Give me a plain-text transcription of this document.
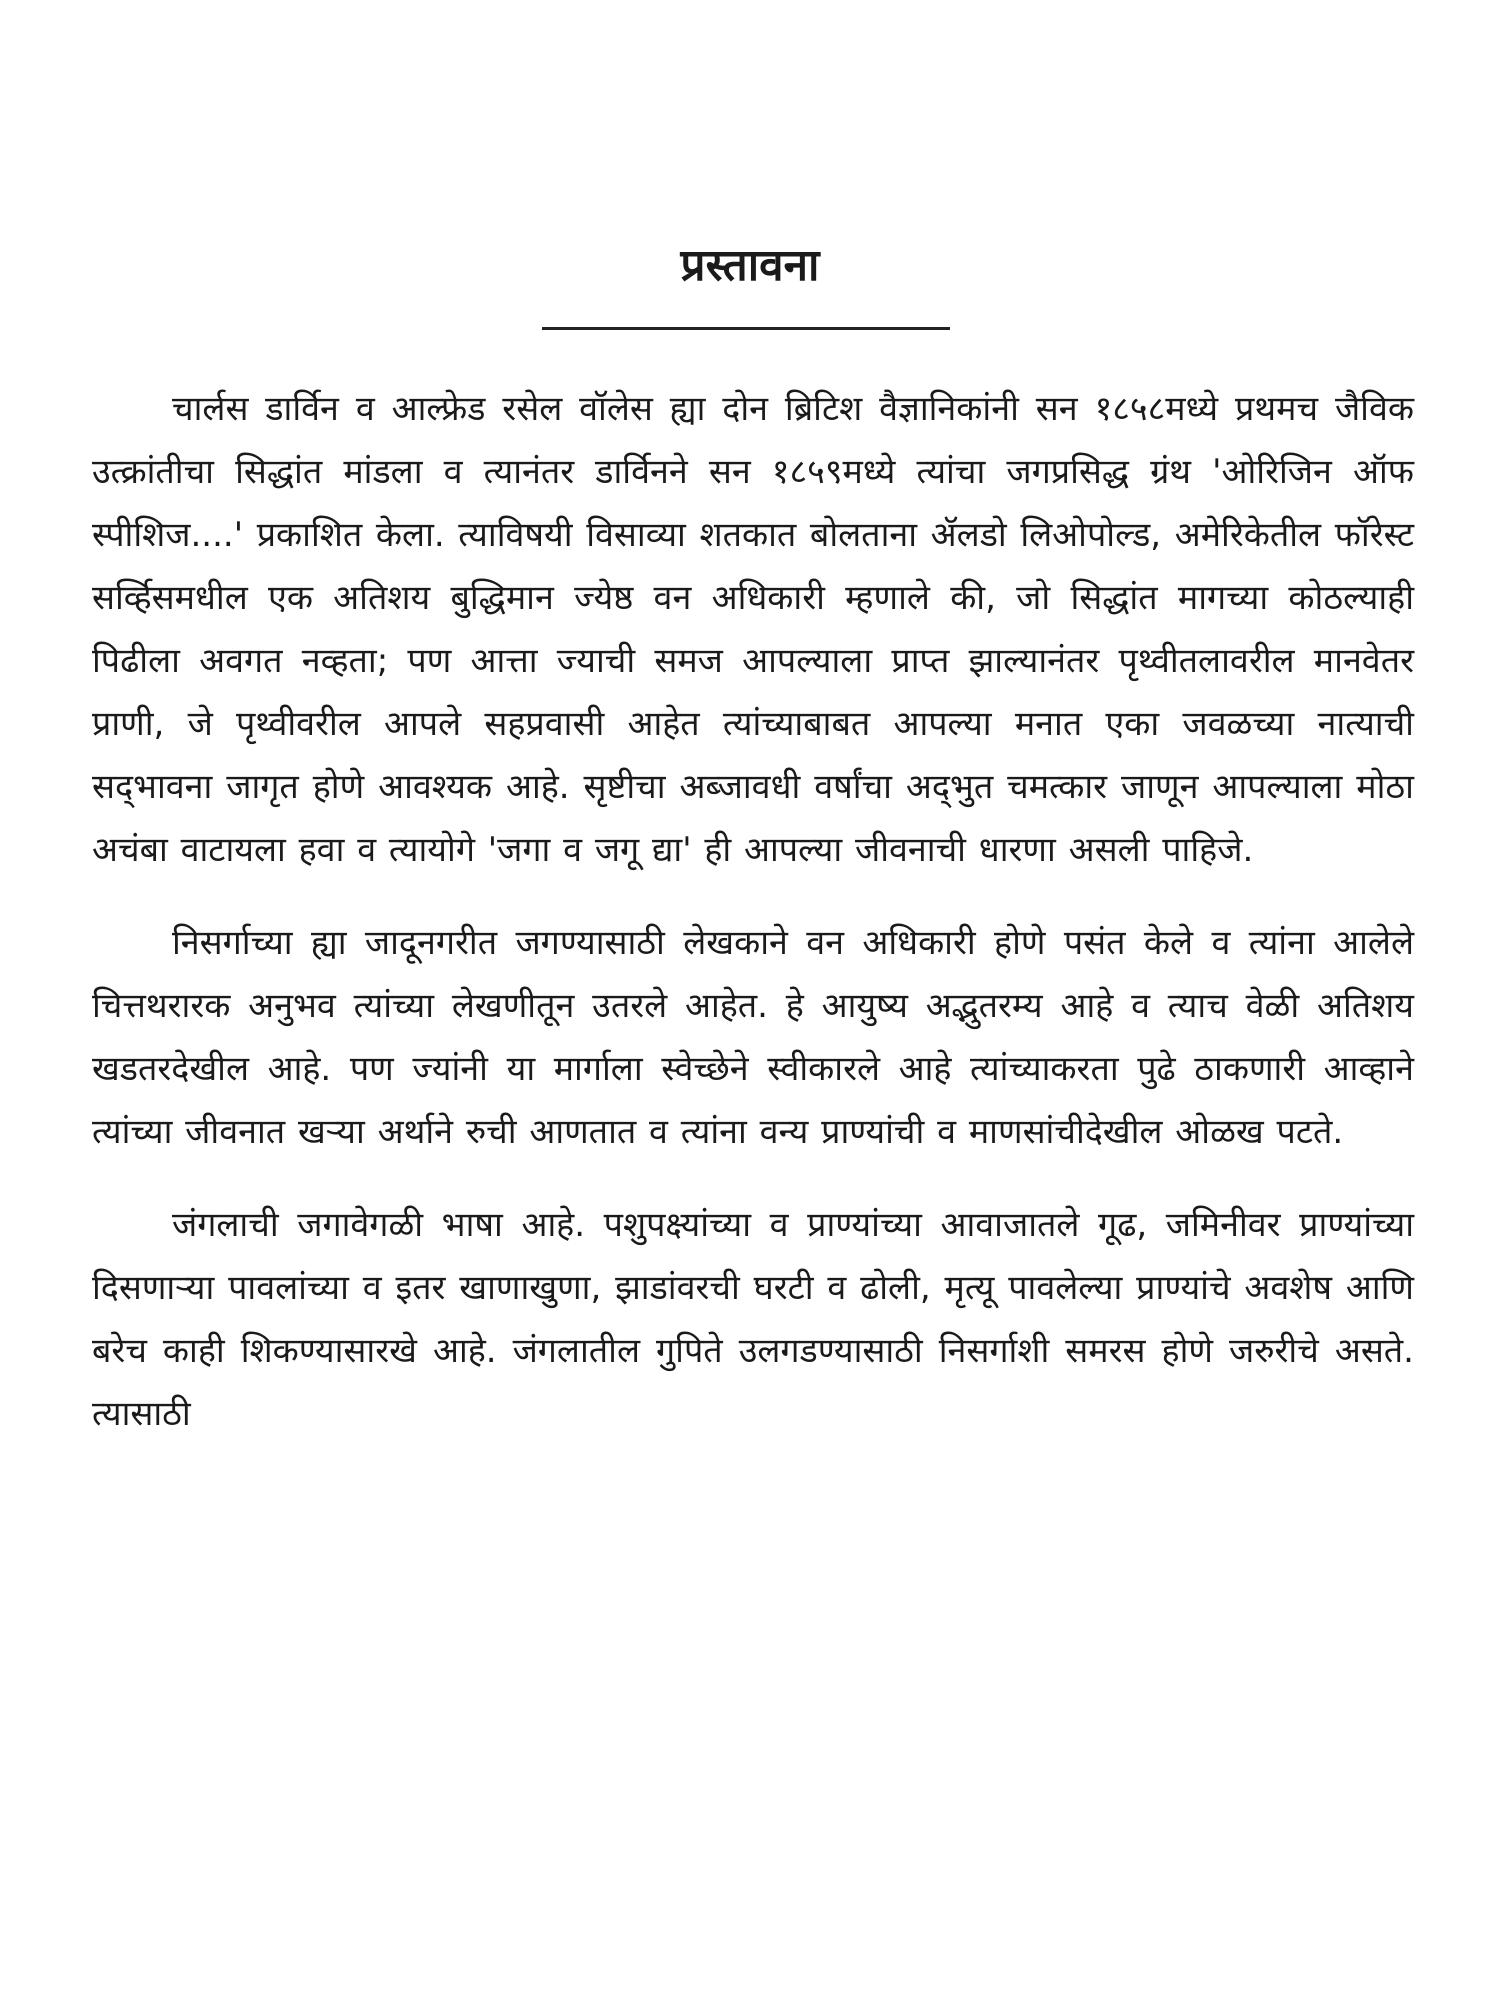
प्रस्तावना

चार्लस डार्विन व आल्फ्रेड रसेल वॉलेस ह्या दोन ब्रिटिश वैज्ञानिकांनी सन १८५८मध्ये प्रथमच जैविक उत्क्रांतीचा सिद्धांत मांडला व त्यानंतर डार्विनने सन १८५९मध्ये त्यांचा जगप्रसिद्ध ग्रंथ 'ओरिजिन ऑफ स्पीशिज....' प्रकाशित केला. त्याविषयी विसाव्या शतकात बोलताना ॲलडो लिओपोल्ड, अमेरिकेतील फॉरेस्ट सर्व्हिसमधील एक अतिशय बुद्धिमान ज्येष्ठ वन अधिकारी म्हणाले की, जो सिद्धांत मागच्या कोठल्याही पिढीला अवगत नव्हता; पण आत्ता ज्याची समज आपल्याला प्राप्त झाल्यानंतर पृथ्वीतलावरील मानवेतर प्राणी, जे पृथ्वीवरील आपले सहप्रवासी आहेत त्यांच्याबाबत आपल्या मनात एका जवळच्या नात्याची सद्‌भावना जागृत होणे आवश्यक आहे. सृष्टीचा अब्जावधी वर्षांचा अद्‌भुत चमत्कार जाणून आपल्याला मोठा अचंबा वाटायला हवा व त्यायोगे 'जगा व जगू द्या' ही आपल्या जीवनाची धारणा असली पाहिजे.

निसर्गाच्या ह्या जादूनगरीत जगण्यासाठी लेखकाने वन अधिकारी होणे पसंत केले व त्यांना आलेले चित्तथरारक अनुभव त्यांच्या लेखणीतून उतरले आहेत. हे आयुष्य अद्भुतरम्य आहे व त्याच वेळी अतिशय खडतरदेखील आहे. पण ज्यांनी या मार्गाला स्वेच्छेने स्वीकारले आहे त्यांच्याकरता पुढे ठाकणारी आव्हाने त्यांच्या जीवनात खऱ्या अर्थाने रुची आणतात व त्यांना वन्य प्राण्यांची व माणसांचीदेखील ओळख पटते.

जंगलाची जगावेगळी भाषा आहे. पशुपक्ष्यांच्या व प्राण्यांच्या आवाजातले गूढ, जमिनीवर प्राण्यांच्या दिसणाऱ्या पावलांच्या व इतर खाणाखुणा, झाडांवरची घरटी व ढोली, मृत्यू पावलेल्या प्राण्यांचे अवशेष आणि बरेच काही शिकण्यासारखे आहे. जंगलातील गुपिते उलगडण्यासाठी निसर्गाशी समरस होणे जरुरीचे असते. त्यासाठी
